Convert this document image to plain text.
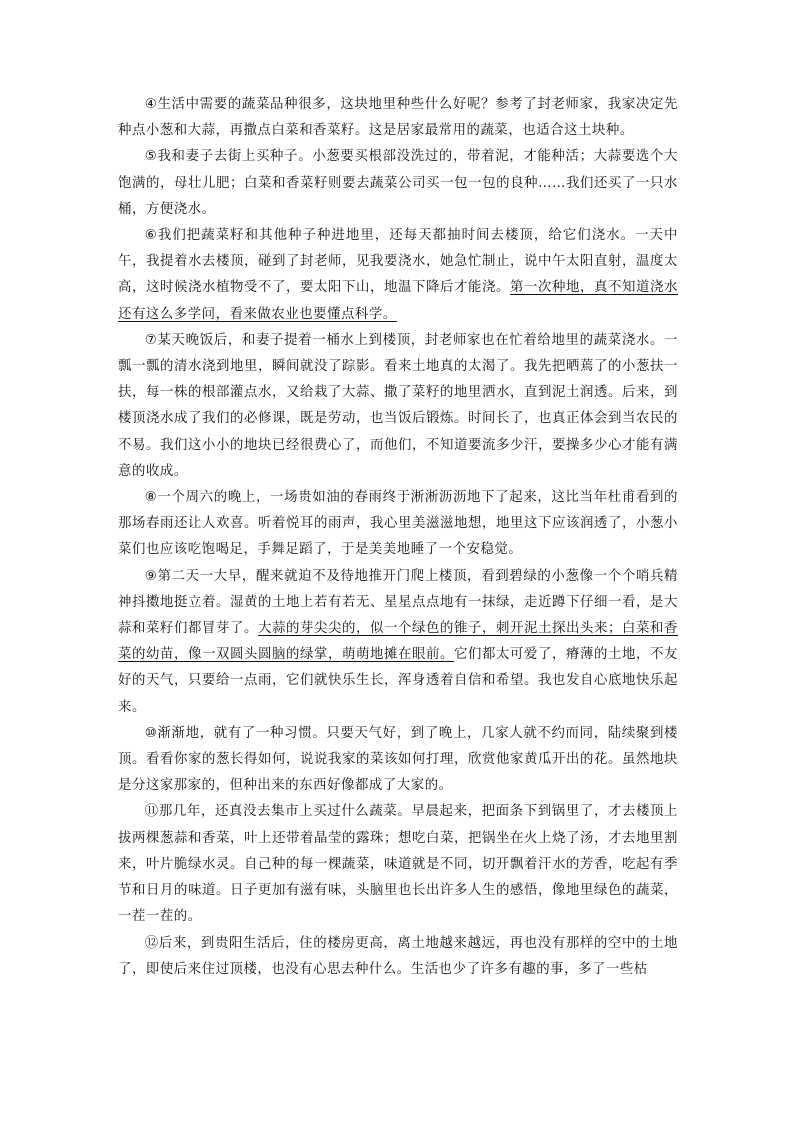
④生活中需要的蔬菜品种很多，这块地里种些什么好呢？参考了封老师家，我家决定先种点小葱和大蒜，再撒点白菜和香菜籽。这是居家最常用的蔬菜，也适合这土块种。

⑤我和妻子去街上买种子。小葱要买根部没洗过的，带着泥，才能种活；大蒜要选个大饱满的，母壮儿肥；白菜和香菜籽则要去蔬菜公司买一包一包的良种……我们还买了一只水桶，方便浇水。

⑥我们把蔬菜籽和其他种子种进地里，还每天都抽时间去楼顶，给它们浇水。一天中午，我提着水去楼顶，碰到了封老师，见我要浇水，她急忙制止，说中午太阳直射，温度太高，这时候浇水植物受不了，要太阳下山，地温下降后才能浇。第一次种地，真不知道浇水还有这么多学问，看来做农业也要懂点科学。

⑦某天晚饭后，和妻子提着一桶水上到楼顶，封老师家也在忙着给地里的蔬菜浇水。一瓢一瓢的清水浇到地里，瞬间就没了踪影。看来土地真的太渴了。我先把晒蔫了的小葱扶一扶，每一株的根部灌点水，又给栽了大蒜、撒了菜籽的地里洒水，直到泥土润透。后来，到楼顶浇水成了我们的必修课，既是劳动，也当饭后锻炼。时间长了，也真正体会到当农民的不易。我们这小小的地块已经很费心了，而他们，不知道要流多少汗，要操多少心才能有满意的收成。

⑧一个周六的晚上，一场贵如油的春雨终于淅淅沥沥地下了起来，这比当年杜甫看到的那场春雨还让人欢喜。听着悦耳的雨声，我心里美滋滋地想，地里这下应该润透了，小葱小菜们也应该吃饱喝足，手舞足蹈了，于是美美地睡了一个安稳觉。

⑨第二天一大早，醒来就迫不及待地推开门爬上楼顶，看到碧绿的小葱像一个个哨兵精神抖擞地挺立着。湿黄的土地上若有若无、星星点点地有一抹绿，走近蹲下仔细一看，是大蒜和菜籽们都冒芽了。大蒜的芽尖尖的，似一个绿色的锥子，刺开泥土探出头来；白菜和香菜的幼苗，像一双圆头圆脑的绿掌，萌萌地摊在眼前。它们都太可爱了，瘠薄的土地，不友好的天气，只要给一点雨，它们就快乐生长，浑身透着自信和希望。我也发自心底地快乐起来。

⑩渐渐地，就有了一种习惯。只要天气好，到了晚上，几家人就不约而同，陆续聚到楼顶。看看你家的葱长得如何，说说我家的菜该如何打理，欣赏他家黄瓜开出的花。虽然地块是分这家那家的，但种出来的东西好像都成了大家的。

⑪那几年，还真没去集市上买过什么蔬菜。早晨起来，把面条下到锅里了，才去楼顶上拔两棵葱蒜和香菜，叶上还带着晶莹的露珠；想吃白菜，把锅坐在火上烧了汤，才去地里割来，叶片脆绿水灵。自己种的每一棵蔬菜，味道就是不同，切开飘着汗水的芳香，吃起有季节和日月的味道。日子更加有滋有味，头脑里也长出许多人生的感悟，像地里绿色的蔬菜，一茬一茬的。

⑫后来，到贵阳生活后，住的楼房更高，离土地越来越远，再也没有那样的空中的土地了，即使后来住过顶楼，也没有心思去种什么。生活也少了许多有趣的事，多了一些枯
